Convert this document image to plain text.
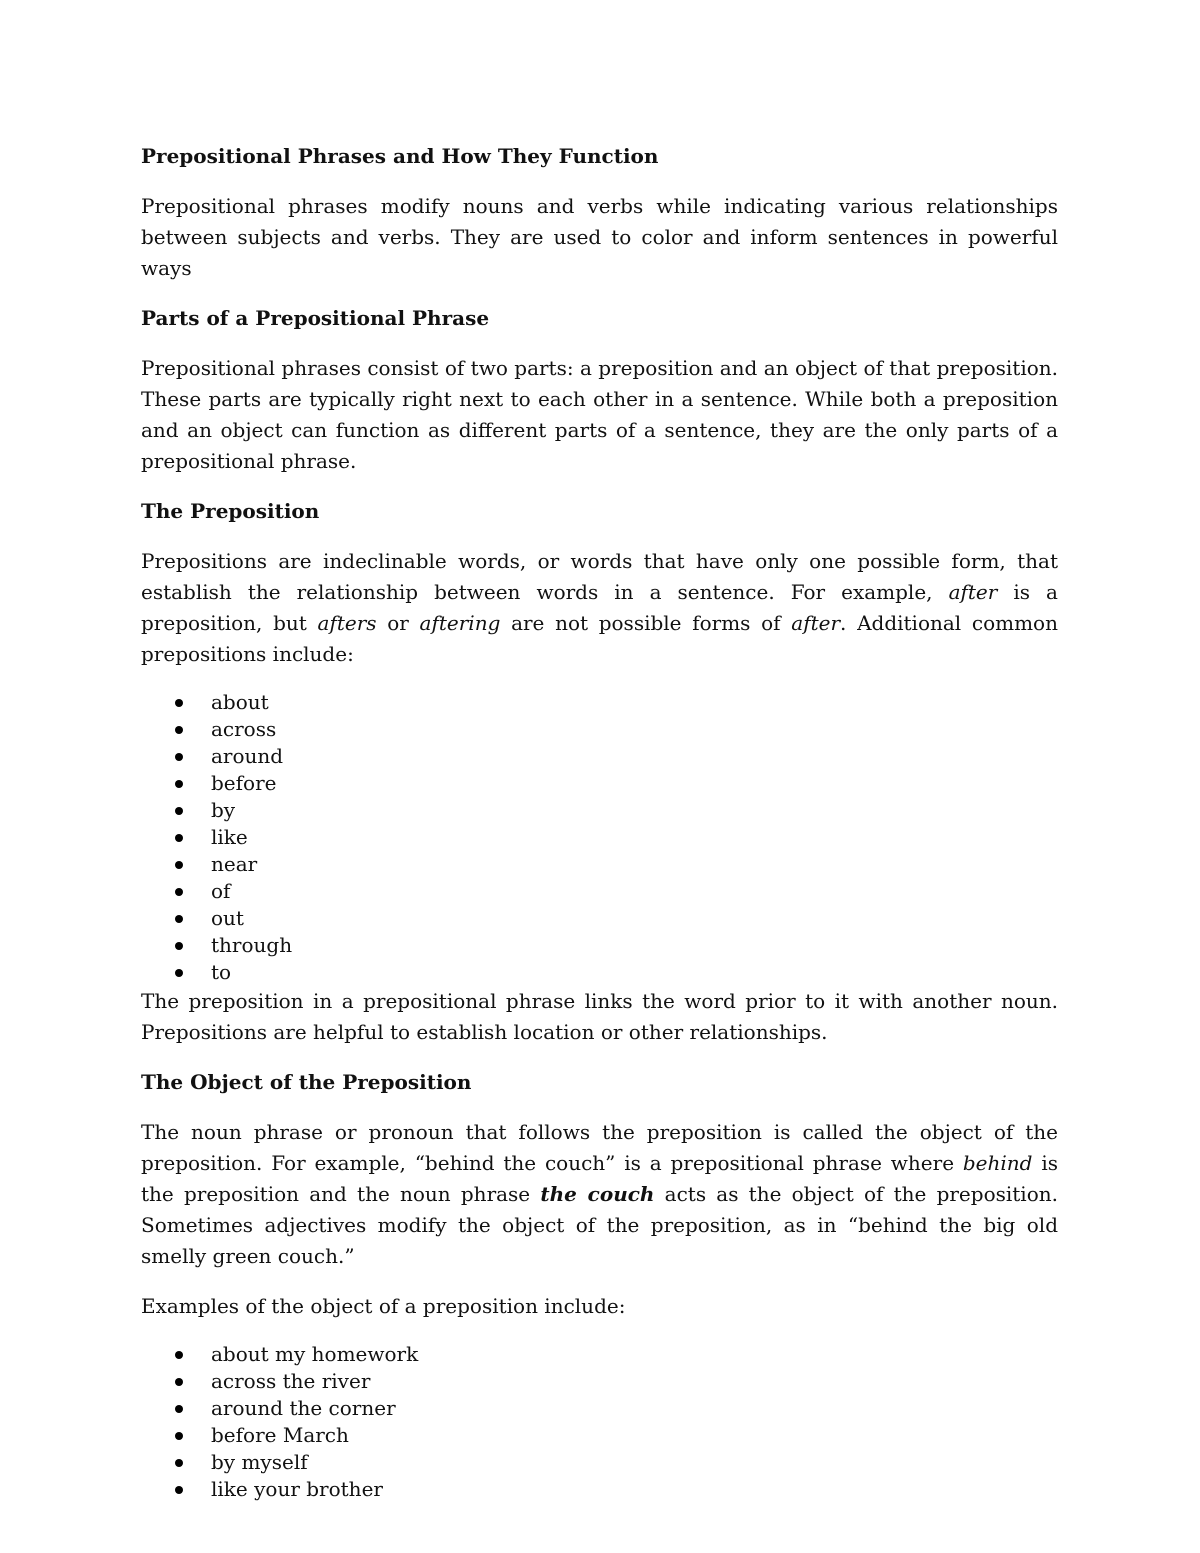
Prepositional Phrases and How They Function

Prepositional phrases modify nouns and verbs while indicating various relationships between subjects and verbs. They are used to color and inform sentences in powerful ways

Parts of a Prepositional Phrase

Prepositional phrases consist of two parts: a preposition and an object of that preposition. These parts are typically right next to each other in a sentence. While both a preposition and an object can function as different parts of a sentence, they are the only parts of a prepositional phrase.

The Preposition

Prepositions are indeclinable words, or words that have only one possible form, that establish the relationship between words in a sentence. For example, after is a preposition, but afters or aftering are not possible forms of after. Additional common prepositions include:

about
across
around
before
by
like
near
of
out
through
to

The preposition in a prepositional phrase links the word prior to it with another noun. Prepositions are helpful to establish location or other relationships.

The Object of the Preposition

The noun phrase or pronoun that follows the preposition is called the object of the preposition. For example, “behind the couch” is a prepositional phrase where behind is the preposition and the noun phrase the couch acts as the object of the preposition. Sometimes adjectives modify the object of the preposition, as in “behind the big old smelly green couch.”

Examples of the object of a preposition include:

about my homework
across the river
around the corner
before March
by myself
like your brother
